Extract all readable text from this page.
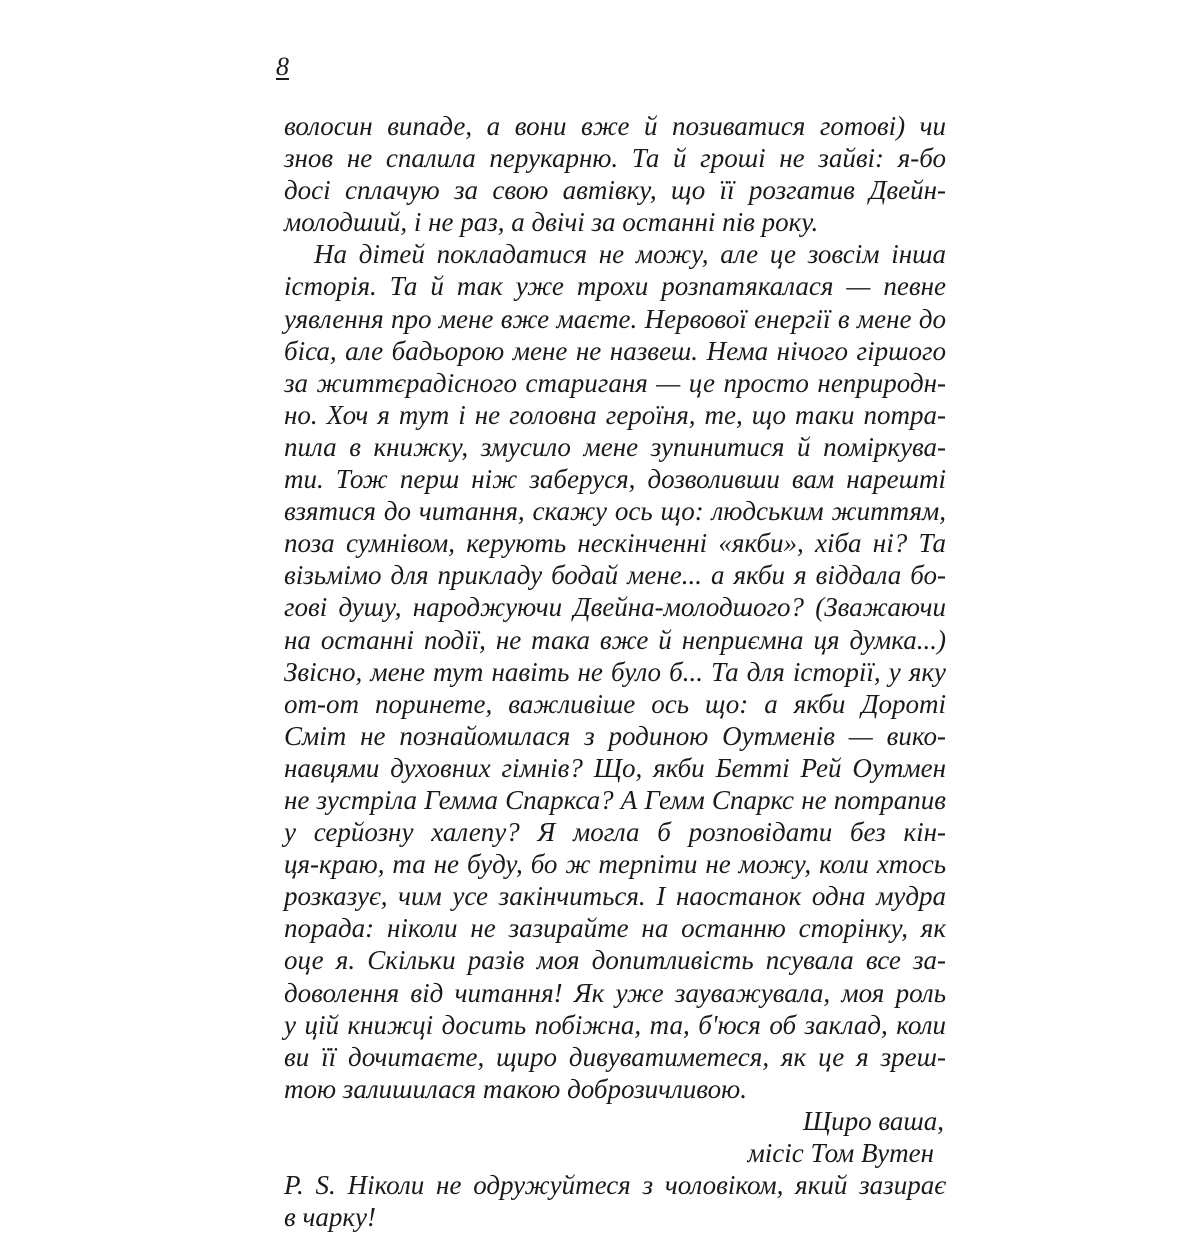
8
волосин випаде, а вони вже й позиватися готові) чи
знов не спалила перукарню. Та й гроші не зайві: я-бо
досі сплачую за свою автівку, що її розгатив Двейн-
молодший, і не раз, а двічі за останні пів року.
На дітей покладатися не можу, але це зовсім інша
історія. Та й так уже трохи розпатякалася — певне
уявлення про мене вже маєте. Нервової енергії в мене до
біса, але бадьорою мене не назвеш. Нема нічого гіршого
за життєрадісного стариганя — це просто неприродн-
но. Хоч я тут і не головна героїня, те, що таки потра-
пила в книжку, змусило мене зупинитися й поміркува-
ти. Тож перш ніж заберуся, дозволивши вам нарешті
взятися до читання, скажу ось що: людським життям,
поза сумнівом, керують нескінченні «якби», хіба ні? Та
візьмімо для прикладу бодай мене... а якби я віддала бо-
гові душу, народжуючи Двейна-молодшого? (Зважаючи
на останні події, не така вже й неприємна ця думка...)
Звісно, мене тут навіть не було б... Та для історії, у яку
от-от поринете, важливіше ось що: а якби Дороті
Сміт не познайомилася з родиною Оутменів — вико-
навцями духовних гімнів? Що, якби Бетті Рей Оутмен
не зустріла Гемма Спаркса? А Гемм Спаркс не потрапив
у серйозну халепу? Я могла б розповідати без кін-
ця-краю, та не буду, бо ж терпіти не можу, коли хтось
розказує, чим усе закінчиться. І наостанок одна мудра
порада: ніколи не зазирайте на останню сторінку, як
оце я. Скільки разів моя допитливість псувала все за-
доволення від читання! Як уже зауважувала, моя роль
у цій книжці досить побіжна, та, б'юся об заклад, коли
ви її дочитаєте, щиро дивуватиметеся, як це я зреш-
тою залишилася такою доброзичливою.
Щиро ваша,
місіс Том Вутен
P. S. Ніколи не одружуйтеся з чоловіком, який зазирає
в чарку!
